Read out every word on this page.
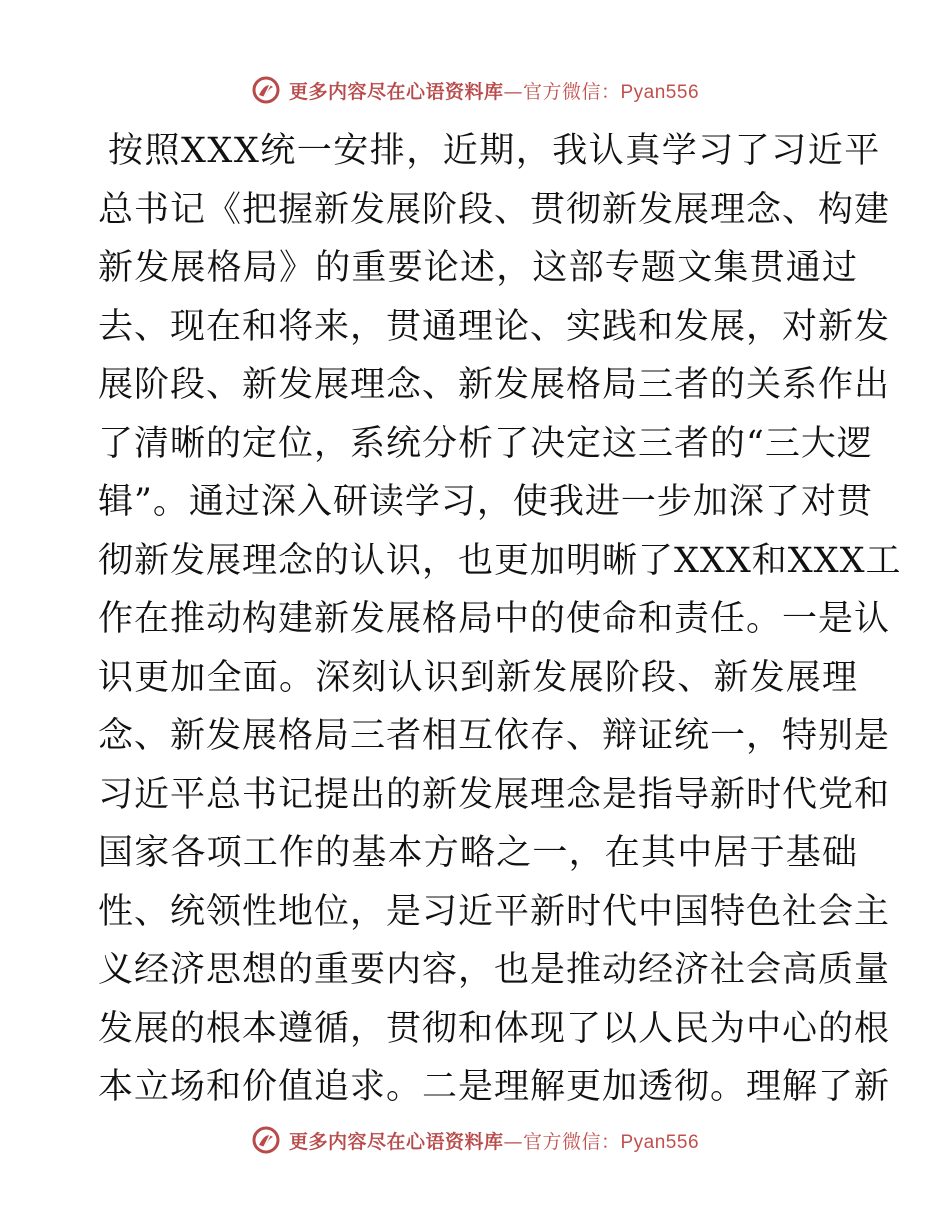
更多内容尽在心语资料库—官方微信：Pyan556
按照XXX统一安排，近期，我认真学习了习近平
总书记《把握新发展阶段、贯彻新发展理念、构建
新发展格局》的重要论述，这部专题文集贯通过
去、现在和将来，贯通理论、实践和发展，对新发
展阶段、新发展理念、新发展格局三者的关系作出
了清晰的定位，系统分析了决定这三者的“三大逻
辑”。通过深入研读学习，使我进一步加深了对贯
彻新发展理念的认识，也更加明晰了XXX和XXX工
作在推动构建新发展格局中的使命和责任。一是认
识更加全面。深刻认识到新发展阶段、新发展理
念、新发展格局三者相互依存、辩证统一，特别是
习近平总书记提出的新发展理念是指导新时代党和
国家各项工作的基本方略之一，在其中居于基础
性、统领性地位，是习近平新时代中国特色社会主
义经济思想的重要内容，也是推动经济社会高质量
发展的根本遵循，贯彻和体现了以人民为中心的根
本立场和价值追求。二是理解更加透彻。理解了新
更多内容尽在心语资料库—官方微信：Pyan556
